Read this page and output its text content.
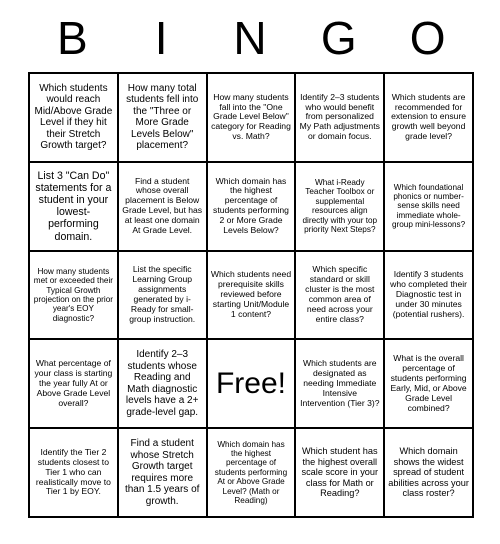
B	I	N	G	O
Which students would reach Mid/Above Grade Level if they hit their Stretch Growth target?
How many total students fell into the "Three or More Grade Levels Below" placement?
How many students fall into the "One Grade Level Below" category for Reading vs. Math?
Identify 2–3 students who would benefit from personalized My Path adjustments or domain focus.
Which students are recommended for extension to ensure growth well beyond grade level?
List 3 "Can Do" statements for a student in your lowest-performing domain.
Find a student whose overall placement is Below Grade Level, but has at least one domain At Grade Level.
Which domain has the highest percentage of students performing 2 or More Grade Levels Below?
What i-Ready Teacher Toolbox or supplemental resources align directly with your top priority Next Steps?
Which foundational phonics or number-sense skills need immediate whole-group mini-lessons?
How many students met or exceeded their Typical Growth projection on the prior year's EOY diagnostic?
List the specific Learning Group assignments generated by i-Ready for small-group instruction.
Which students need prerequisite skills reviewed before starting Unit/Module 1 content?
Which specific standard or skill cluster is the most common area of need across your entire class?
Identify 3 students who completed their Diagnostic test in under 30 minutes (potential rushers).
What percentage of your class is starting the year fully At or Above Grade Level overall?
Identify 2–3 students whose Reading and Math diagnostic levels have a 2+ grade-level gap.
Free!
Which students are designated as needing Immediate Intensive Intervention (Tier 3)?
What is the overall percentage of students performing Early, Mid, or Above Grade Level combined?
Identify the Tier 2 students closest to Tier 1 who can realistically move to Tier 1 by EOY.
Find a student whose Stretch Growth target requires more than 1.5 years of growth.
Which domain has the highest percentage of students performing At or Above Grade Level? (Math or Reading)
Which student has the highest overall scale score in your class for Math or Reading?
Which domain shows the widest spread of student abilities across your class roster?
